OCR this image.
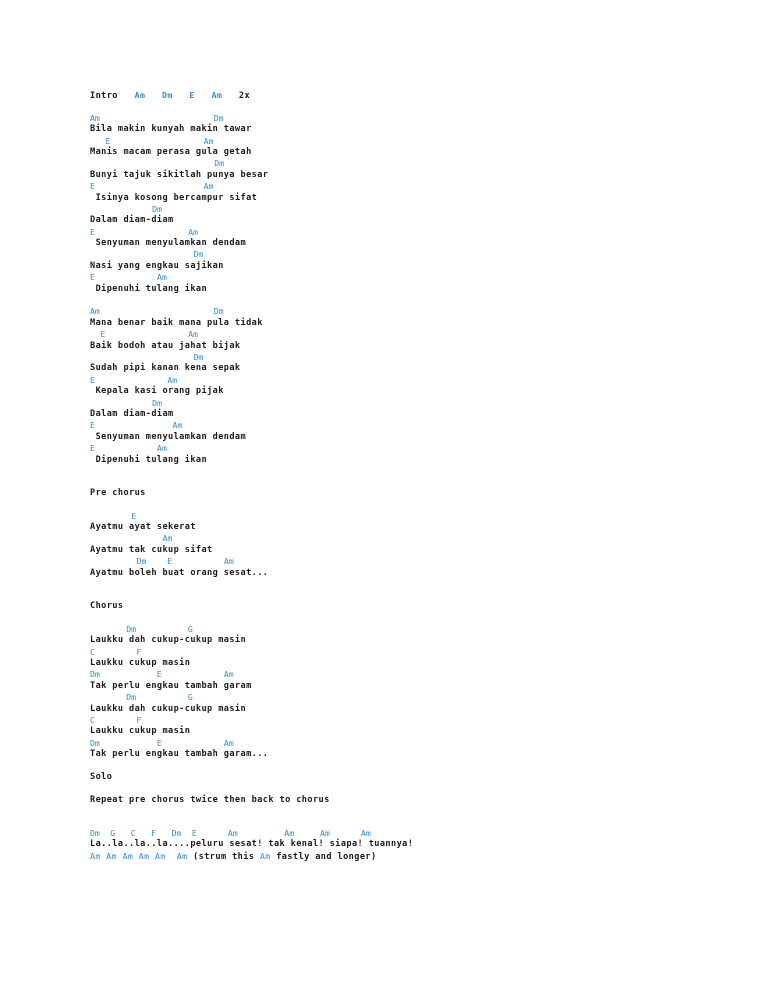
Intro Am Dm E Am 2x
Am	Dm
Bila makin kunyah makin tawar
E	Am
Manis macam perasa gula getah
Dm
Bunyi tajuk sikitlah punya besar
E	Am
Isinya kosong bercampur sifat
Dm
Dalam diam-diam
E	Am
Senyuman menyulamkan dendam
Dm
Nasi yang engkau sajikan
E	Am
Dipenuhi tulang ikan
Am	Dm
Mana benar baik mana pula tidak
E	Am
Baik bodoh atau jahat bijak
Dm
Sudah pipi kanan kena sepak
E	Am
Kepala kasi orang pijak
Dm
Dalam diam-diam
E	Am
Senyuman menyulamkan dendam
E	Am
Dipenuhi tulang ikan
Pre chorus
E
Ayatmu ayat sekerat
Am
Ayatmu tak cukup sifat
Dm	E	Am
Ayatmu boleh buat orang sesat...
Chorus
Dm	G
Laukku dah cukup-cukup masin
C	F
Laukku cukup masin
Dm	E	Am
Tak perlu engkau tambah garam
Dm	G
Laukku dah cukup-cukup masin
C	F
Laukku cukup masin
Dm	E	Am
Tak perlu engkau tambah garam...
Solo
Repeat pre chorus twice then back to chorus
Dm G C F Dm E	Am	Am	Am	Am
La..la..la..la....peluru sesat! tak kenal! siapa! tuannya!
Am Am Am Am Am Am (strum this Am fastly and longer)
